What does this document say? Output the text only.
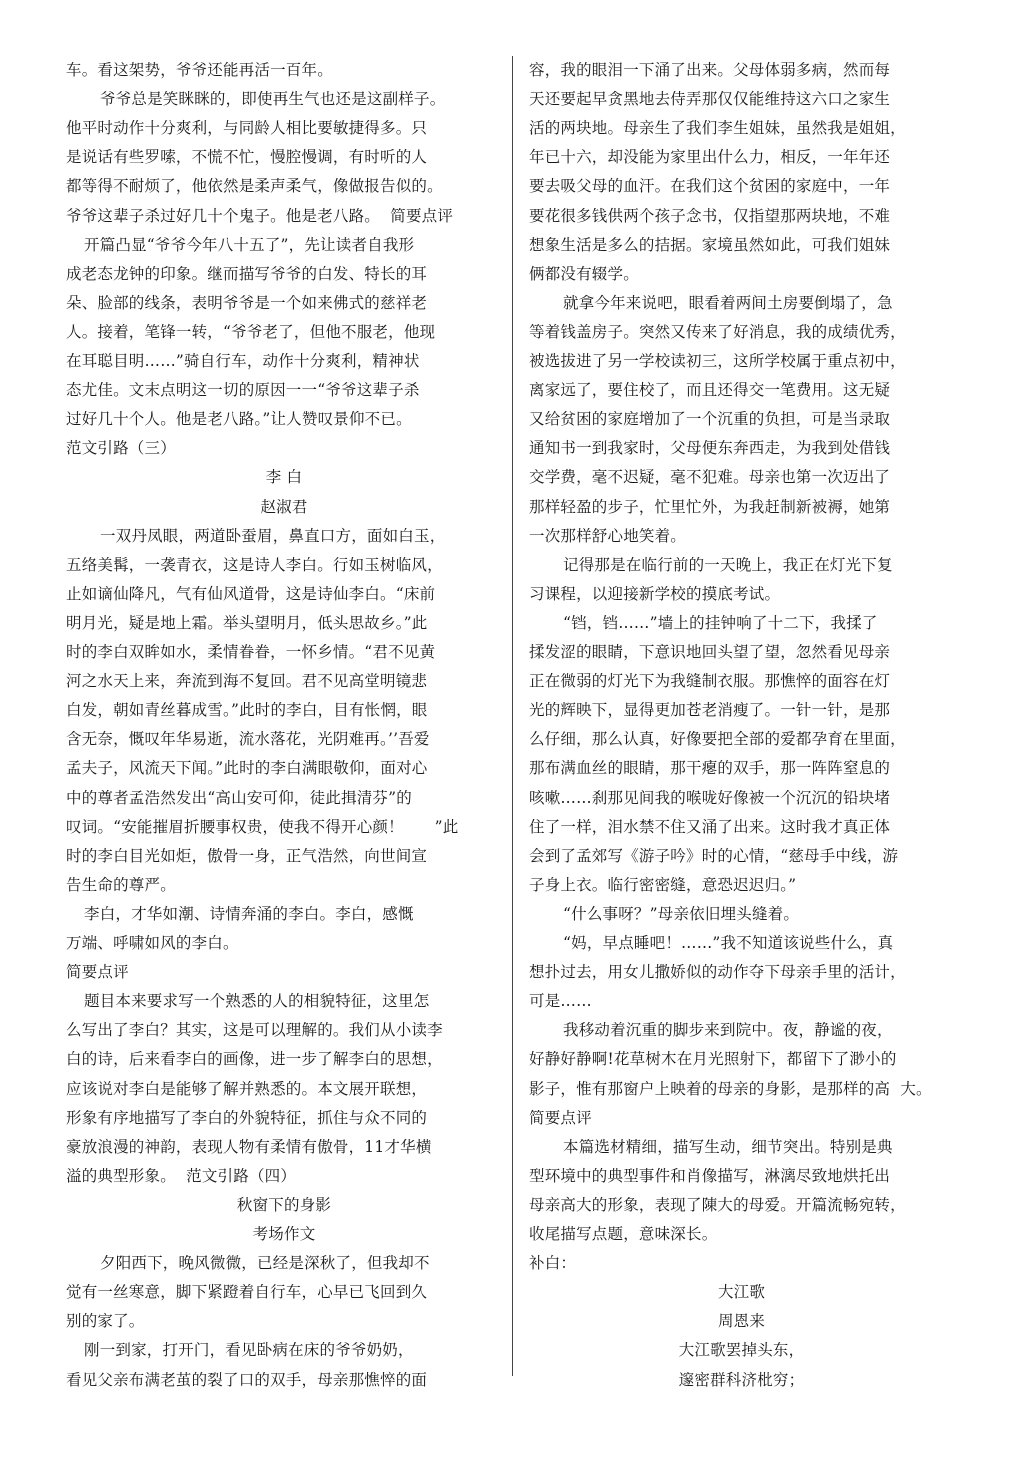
车。看这架势，爷爷还能再活一百年。
爷爷总是笑眯眯的，即使再生气也还是这副样子。
他平时动作十分爽利，与同龄人相比要敏捷得多。只
是说话有些罗嗦，不慌不忙，慢腔慢调，有时听的人
都等得不耐烦了，他依然是柔声柔气，像做报告似的。
爷爷这辈子杀过好几十个鬼子。他是老八路。  简要点评
开篇凸显“爷爷今年八十五了”，先让读者自我形
成老态龙钟的印象。继而描写爷爷的白发、特长的耳
朵、脸部的线条，表明爷爷是一个如来佛式的慈祥老
人。接着，笔锋一转，“爷爷老了，但他不服老，他现
在耳聪目明……”骑自行车，动作十分爽利，精神状
态尤佳。文末点明这一切的原因一一“爷爷这辈子杀
过好几十个人。他是老八路。”让人赞叹景仰不已。
范文引路（三）
李 白
赵淑君
一双丹凤眼，两道卧蚕眉，鼻直口方，面如白玉，
五络美髯，一袭青衣，这是诗人李白。行如玉树临风，
止如谪仙降凡，气有仙风道骨，这是诗仙李白。“床前
明月光，疑是地上霜。举头望明月，低头思故乡。”此
时的李白双眸如水，柔情眷眷，一怀乡情。“君不见黄
河之水天上来，奔流到海不复回。君不见高堂明镜悲
白发，朝如青丝暮成雪。”此时的李白，目有怅惘，眼
含无奈，慨叹年华易逝，流水落花，光阴难再。’’吾爱
孟夫子，风流天下闻。”此时的李白满眼敬仰，面对心
中的尊者孟浩然发出“高山安可仰，徒此揖清芬”的
叹词。“安能摧眉折腰事权贵，使我不得开心颜！      ”此
时的李白目光如炬，傲骨一身，正气浩然，向世间宣
告生命的尊严。
李白，才华如潮、诗情奔涌的李白。李白，感慨
万端、呼啸如风的李白。
简要点评
题目本来要求写一个熟悉的人的相貌特征，这里怎
么写出了李白？其实，这是可以理解的。我们从小读李
白的诗，后来看李白的画像，进一步了解李白的思想，
应该说对李白是能够了解并熟悉的。本文展开联想，
形象有序地描写了李白的外貌特征，抓住与众不同的
豪放浪漫的神韵，表现人物有柔情有傲骨，11才华横
溢的典型形象。  范文引路（四）
秋窗下的身影
考场作文
夕阳西下，晚风微微，已经是深秋了，但我却不
觉有一丝寒意，脚下紧蹬着自行车，心早已飞回到久
别的家了。
刚一到家，打开门，看见卧病在床的爷爷奶奶，
看见父亲布满老茧的裂了口的双手，母亲那憔悴的面
容，我的眼泪一下涌了出来。父母体弱多病，然而每
天还要起早贪黑地去侍弄那仅仅能维持这六口之家生
活的两块地。母亲生了我们李生姐妹，虽然我是姐姐，
年已十六，却没能为家里出什么力，相反，一年年还
要去吸父母的血汗。在我们这个贫困的家庭中，一年
要花很多钱供两个孩子念书，仅指望那两块地，不难
想象生活是多么的拮据。家境虽然如此，可我们姐妹
俩都没有辍学。
就拿今年来说吧，眼看着两间土房要倒塌了，急
等着钱盖房子。突然又传来了好消息，我的成绩优秀，
被选拔进了另一学校读初三，这所学校属于重点初中，
离家远了，要住校了，而且还得交一笔费用。这无疑
又给贫困的家庭增加了一个沉重的负担，可是当录取
通知书一到我家时，父母便东奔西走，为我到处借钱
交学费，毫不迟疑，毫不犯难。母亲也第一次迈出了
那样轻盈的步子，忙里忙外，为我赶制新被褥，她第
一次那样舒心地笑着。
记得那是在临行前的一天晚上，我正在灯光下复
习课程，以迎接新学校的摸底考试。
“铛，铛……”墙上的挂钟响了十二下，我揉了
揉发涩的眼睛，下意识地回头望了望，忽然看见母亲
正在微弱的灯光下为我缝制衣服。那憔悴的面容在灯
光的辉映下，显得更加苍老消瘦了。一针一针，是那
么仔细，那么认真，好像要把全部的爱都孕育在里面，
那布满血丝的眼睛，那干瘪的双手，那一阵阵窒息的
咳嗽……刹那见间我的喉咙好像被一个沉沉的铅块堵
住了一样，泪水禁不住又涌了出来。这时我才真正体
会到了孟郊写《游子吟》时的心情，“慈母手中线，游
子身上衣。临行密密缝，意恐迟迟归。”
“什么事呀？”母亲依旧埋头缝着。
“妈，早点睡吧！……”我不知道该说些什么，真
想扑过去，用女儿撒娇似的动作夺下母亲手里的活计，
可是……
我移动着沉重的脚步来到院中。夜，静谧的夜，
好静好静啊!花草树木在月光照射下，都留下了渺小的
影子，惟有那窗户上映着的母亲的身影，是那样的高  大。
简要点评
本篇选材精细，描写生动，细节突出。特别是典
型环境中的典型事件和肖像描写，淋漓尽致地烘托出
母亲高大的形象，表现了陳大的母爱。开篇流畅宛转，
收尾描写点题，意味深长。
补白：
大江歌
周恩来
大江歌罢掉头东，
邃密群科济枇穷；
